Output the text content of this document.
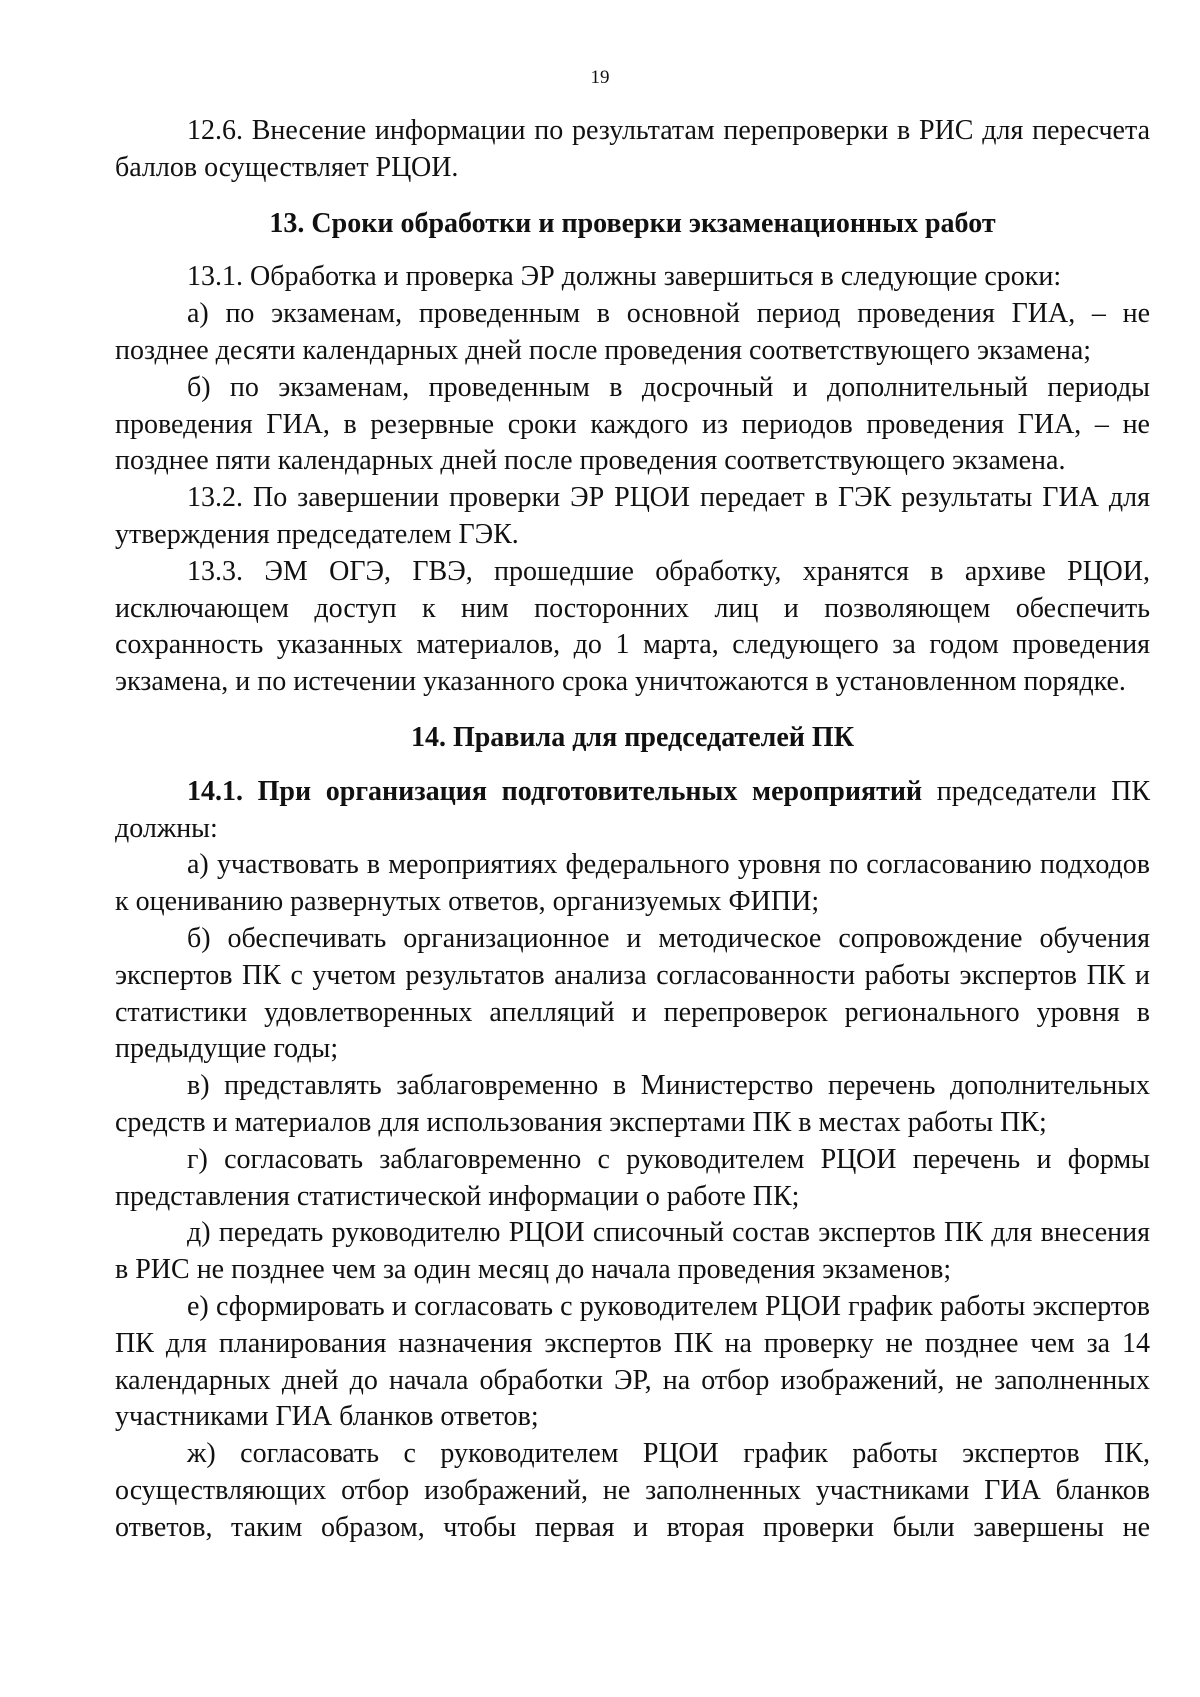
19

12.6. Внесение информации по результатам перепроверки в РИС для пересчета баллов осуществляет РЦОИ.

13. Сроки обработки и проверки экзаменационных работ

13.1. Обработка и проверка ЭР должны завершиться в следующие сроки:

а) по экзаменам, проведенным в основной период проведения ГИА, – не позднее десяти календарных дней после проведения соответствующего экзамена;

б) по экзаменам, проведенным в досрочный и дополнительный периоды проведения ГИА, в резервные сроки каждого из периодов проведения ГИА, – не позднее пяти календарных дней после проведения соответствующего экзамена.

13.2. По завершении проверки ЭР РЦОИ передает в ГЭК результаты ГИА для утверждения председателем ГЭК.

13.3. ЭМ ОГЭ, ГВЭ, прошедшие обработку, хранятся в архиве РЦОИ, исключающем доступ к ним посторонних лиц и позволяющем обеспечить сохранность указанных материалов, до 1 марта, следующего за годом проведения экзамена, и по истечении указанного срока уничтожаются в установленном порядке.

14. Правила для председателей ПК

14.1. При организация подготовительных мероприятий председатели ПК должны:

а) участвовать в мероприятиях федерального уровня по согласованию подходов к оцениванию развернутых ответов, организуемых ФИПИ;

б) обеспечивать организационное и методическое сопровождение обучения экспертов ПК с учетом результатов анализа согласованности работы экспертов ПК и статистики удовлетворенных апелляций и перепроверок регионального уровня в предыдущие годы;

в) представлять заблаговременно в Министерство перечень дополнительных средств и материалов для использования экспертами ПК в местах работы ПК;

г) согласовать заблаговременно с руководителем РЦОИ перечень и формы представления статистической информации о работе ПК;

д) передать руководителю РЦОИ списочный состав экспертов ПК для внесения в РИС не позднее чем за один месяц до начала проведения экзаменов;

е) сформировать и согласовать с руководителем РЦОИ график работы экспертов ПК для планирования назначения экспертов ПК на проверку не позднее чем за 14 календарных дней до начала обработки ЭР, на отбор изображений, не заполненных участниками ГИА бланков ответов;

ж) согласовать с руководителем РЦОИ график работы экспертов ПК, осуществляющих отбор изображений, не заполненных участниками ГИА бланков ответов, таким образом, чтобы первая и вторая проверки были завершены не
